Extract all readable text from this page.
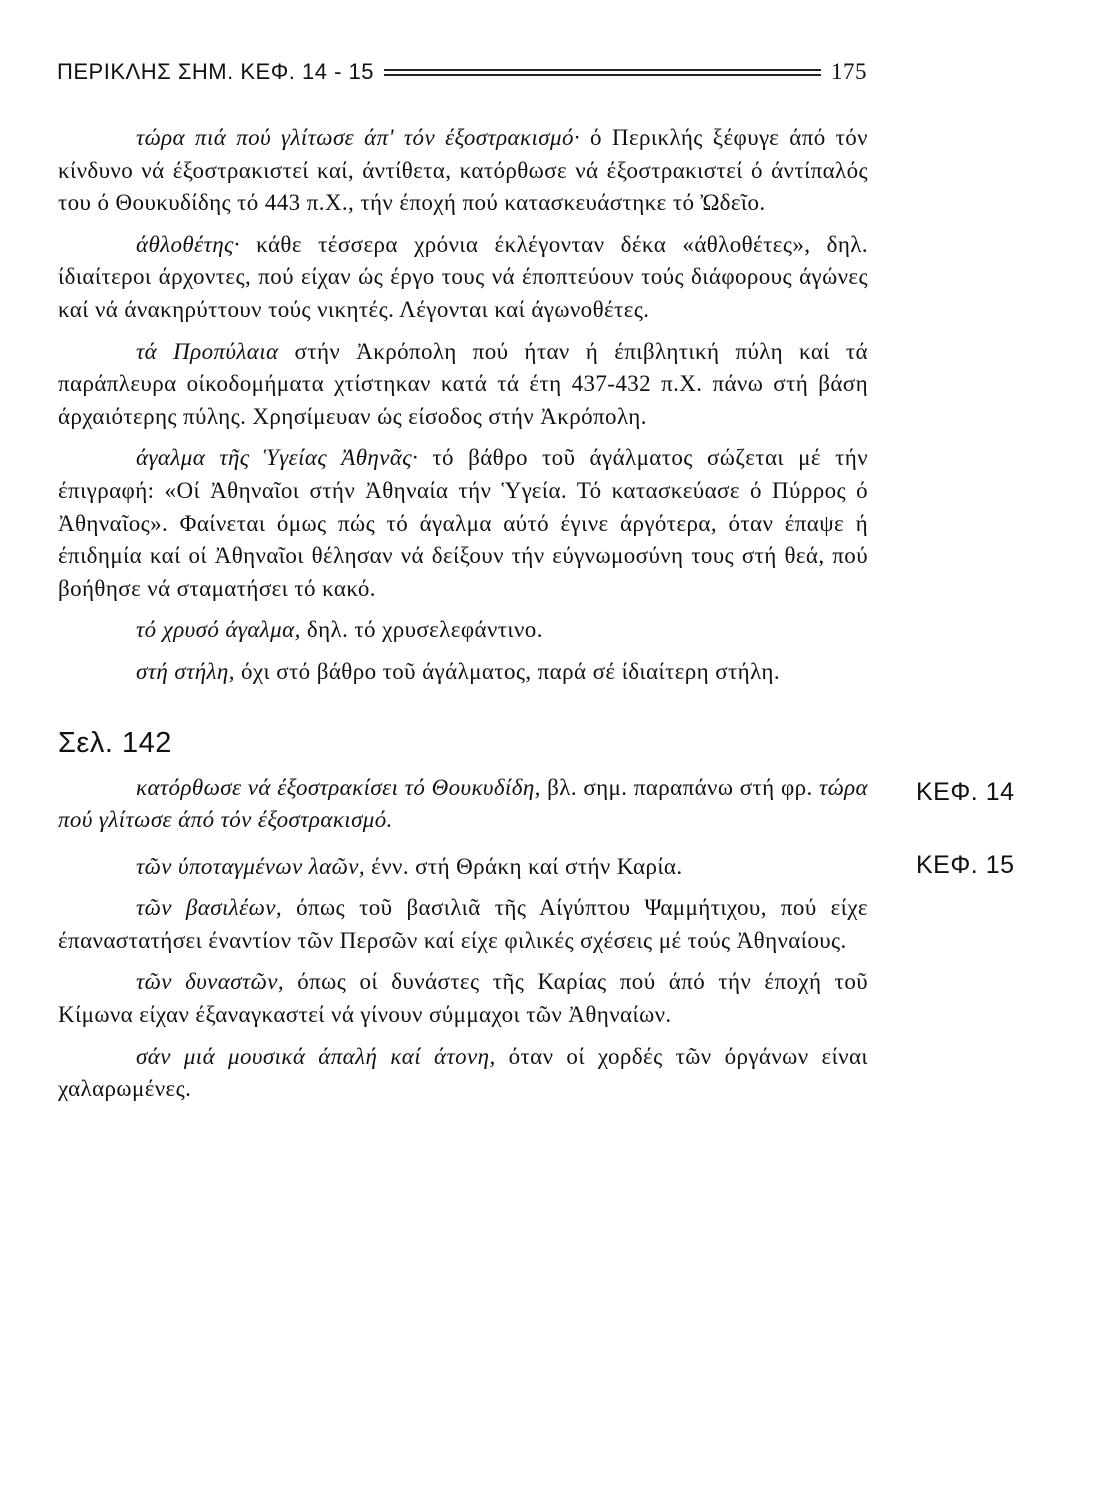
ΠΕΡΙΚΛΗΣ ΣΗΜ. ΚΕΦ. 14 - 15	175

τώρα πιά πού γλίτωσε άπ' τόν έξοστρακισμό· ό Περικλής ξέφυγε άπό τόν κίνδυνο νά έξοστρακιστεί καί, άντίθετα, κατόρθωσε νά έξοστρακιστεί ό άντίπαλός του ό Θουκυδίδης τό 443 π.Χ., τήν έποχή πού κατασκευάστηκε τό Ὠδεῖο.

άθλοθέτης· κάθε τέσσερα χρόνια έκλέγονταν δέκα «άθλοθέτες», δηλ. ίδιαίτεροι άρχοντες, πού είχαν ώς έργο τους νά έποπτεύουν τούς διάφορους άγώνες καί νά άνακηρύττουν τούς νικητές. Λέγονται καί άγωνοθέτες.

τά Προπύλαια στήν Ἀκρόπολη πού ήταν ή έπιβλητική πύλη καί τά παράπλευρα οίκοδομήματα χτίστηκαν κατά τά έτη 437-432 π.Χ. πάνω στή βάση άρχαιότερης πύλης. Χρησίμευαν ώς είσοδος στήν Ἀκρόπολη.

άγαλμα τῆς Ὑγείας Ἀθηνᾶς· τό βάθρο τοῦ άγάλματος σώζεται μέ τήν έπιγραφή: «Οί Ἀθηναῖοι στήν Ἀθηναία τήν Ὑγεία. Τό κατασκεύασε ό Πύρρος ό Ἀθηναῖος». Φαίνεται όμως πώς τό άγαλμα αύτό έγινε άργότερα, όταν έπαψε ή έπιδημία καί οί Ἀθηναῖοι θέλησαν νά δείξουν τήν εύγνωμοσύνη τους στή θεά, πού βοήθησε νά σταματήσει τό κακό.

τό χρυσό άγαλμα, δηλ. τό χρυσελεφάντινο.

στή στήλη, όχι στό βάθρο τοῦ άγάλματος, παρά σέ ίδιαίτερη στήλη.

Σελ. 142
ΚΕΦ. 14

κατόρθωσε νά έξοστρακίσει τό Θουκυδίδη, βλ. σημ. παραπάνω στή φρ. τώρα πού γλίτωσε άπό τόν έξοστρακισμό.

ΚΕΦ. 15

τῶν ύποταγμένων λαῶν, ένν. στή Θράκη καί στήν Καρία.

τῶν βασιλέων, όπως τοῦ βασιλιᾶ τῆς Αίγύπτου Ψαμμήτιχου, πού είχε έπαναστατήσει έναντίον τῶν Περσῶν καί είχε φιλικές σχέσεις μέ τούς Ἀθηναίους.

τῶν δυναστῶν, όπως οί δυνάστες τῆς Καρίας πού άπό τήν έποχή τοῦ Κίμωνα είχαν έξαναγκαστεί νά γίνουν σύμμαχοι τῶν Ἀθηναίων.

σάν μιά μουσικά άπαλή καί άτονη, όταν οί χορδές τῶν όργάνων είναι χαλαρωμένες.
